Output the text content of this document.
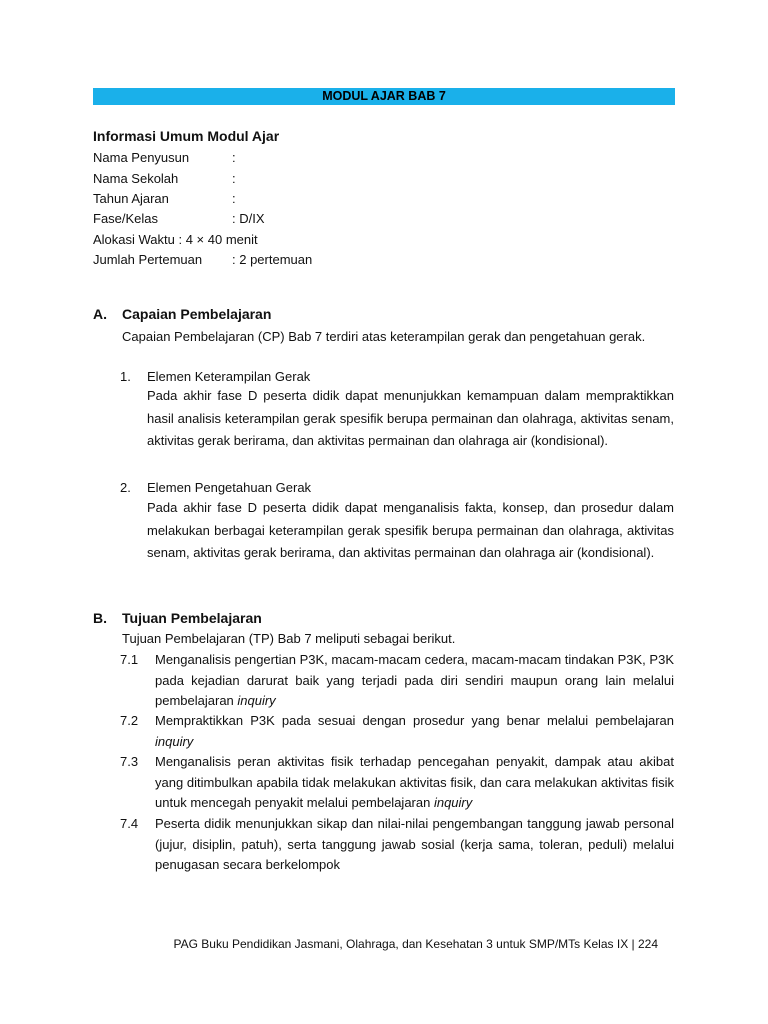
MODUL AJAR BAB 7
Informasi Umum Modul Ajar
Nama Penyusun	:
Nama Sekolah	:
Tahun Ajaran	:
Fase/Kelas	: D/IX
Alokasi Waktu : 4 × 40 menit
Jumlah Pertemuan : 2 pertemuan
A. Capaian Pembelajaran
Capaian Pembelajaran (CP) Bab 7 terdiri atas keterampilan gerak dan pengetahuan gerak.
1. Elemen Keterampilan Gerak
Pada akhir fase D peserta didik dapat menunjukkan kemampuan dalam mempraktikkan hasil analisis keterampilan gerak spesifik berupa permainan dan olahraga, aktivitas senam, aktivitas gerak berirama, dan aktivitas permainan dan olahraga air (kondisional).
2. Elemen Pengetahuan Gerak
Pada akhir fase D peserta didik dapat menganalisis fakta, konsep, dan prosedur dalam melakukan berbagai keterampilan gerak spesifik berupa permainan dan olahraga, aktivitas senam, aktivitas gerak berirama, dan aktivitas permainan dan olahraga air (kondisional).
B. Tujuan Pembelajaran
Tujuan Pembelajaran (TP) Bab 7 meliputi sebagai berikut.
7.1 Menganalisis pengertian P3K, macam-macam cedera, macam-macam tindakan P3K, P3K pada kejadian darurat baik yang terjadi pada diri sendiri maupun orang lain melalui pembelajaran inquiry
7.2 Mempraktikkan P3K pada sesuai dengan prosedur yang benar melalui pembelajaran inquiry
7.3 Menganalisis peran aktivitas fisik terhadap pencegahan penyakit, dampak atau akibat yang ditimbulkan apabila tidak melakukan aktivitas fisik, dan cara melakukan aktivitas fisik untuk mencegah penyakit melalui pembelajaran inquiry
7.4 Peserta didik menunjukkan sikap dan nilai-nilai pengembangan tanggung jawab personal (jujur, disiplin, patuh), serta tanggung jawab sosial (kerja sama, toleran, peduli) melalui penugasan secara berkelompok
PAG Buku Pendidikan Jasmani, Olahraga, dan Kesehatan 3 untuk SMP/MTs Kelas IX | 224
